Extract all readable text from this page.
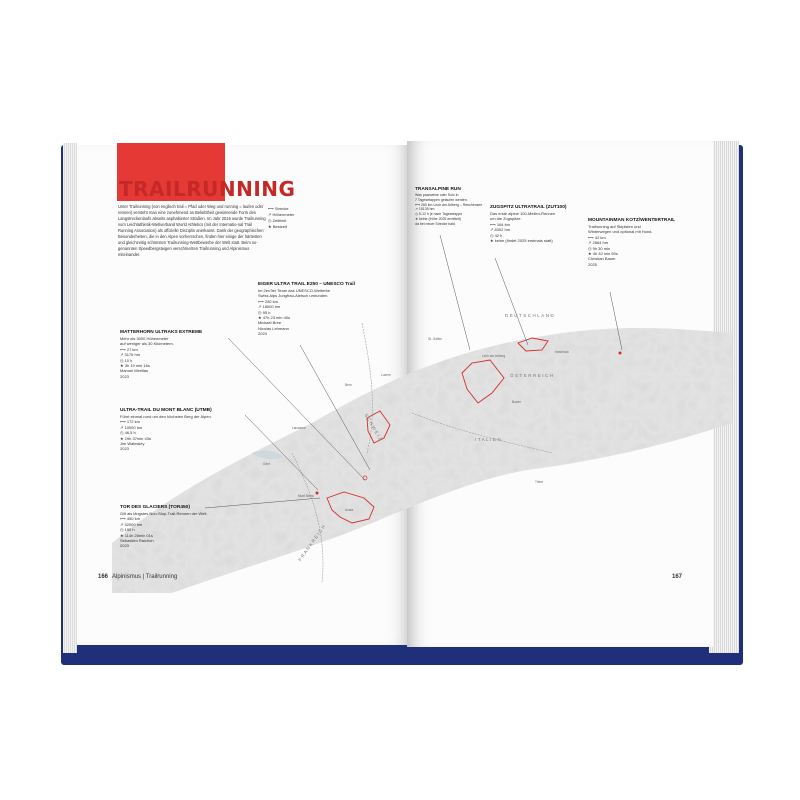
DEUTSCHLAND
ÖSTERREICH
SCHWEIZ	ITALIEN
FRANKREICH
Bern
Luzern
Lausanne
Genf
Mont Blanc
Aosta
Lech am Arlberg
Bozen
Trient
St. Gallen
Innsbruck
TRAILRUNNING
Unter Trailrunning (von englisch trail = Pfad oder Weg und running = laufen oder rennen) versteht man eine zunehmend an Beliebtheit gewinnende Form des Langstreckenlaufs abseits asphaltierter Straßen. Im Jahr 2015 wurde Trailrunning vom Leichtathletik-Weltverband World Athletics (mit der Internatio-nal Trail Running Association) als offizielle Disziplin anerkannt. Dank der geographischen Besonderheiten, die in den Alpen vorherrschen, finden hier einige der härtesten und gleichzeitig schönsten Trailrunning-Wettbewerbe der Welt statt. Beim so-genannten Speedbergsteigen verschmelzen Trailrunning und Alpinismus miteinander.
⟷ Strecke
↗ Höhenmeter
◷ Zeitlimit
★ Bestzeit
EIGER ULTRA TRAIL E250 – UNESCO Trail
Im 2er/3er Team das UNESCO-Welterbe
Swiss Alps Jungfrau-Aletsch umrunden.
⟷ 250 km
↗ 18000 hm
◷ 95 h
★ 47h 23 min 40s
Mickael Bree
Nicolas Lehmann
2024
MATTERHORN ULTRAKS EXTREME
Mehr als 3000 Höhenmeter
auf weniger als 30 Kilometern.
⟷ 27 km
↗ 3176 hm
◷ 10 h
★ 3h 19 min 16s
Manuel Merillas
2023
ULTRA-TRAIL DU MONT BLANC (UTMB)
Führt einmal rund um den höchsten Berg der Alpen.
⟷ 172 km
↗ 10000 hm
◷ 46,5 h
★ 19h 37min 43s
Jim Walmsley
2023
TOR DES GLACIERS (TOR450)
Gilt als längstes Non-Stop-Trail-Rennen der Welt.
⟷ 450 km
↗ 32000 hm
◷ 190 h
★ 114h 28min 01s
Sebastien Raichon
2023
TRANSALPINE RUN
Was paarweise oder Solo in
7 Tagesetappen gelaufen werden.
⟷ 260 km Lech am Arlberg – Reschensee
↗ 15135 hm
◷ 5-12 h je nach Tagesetappe
★ keine (frühe 2025 ermittelt)
da bei neuer Strecke bald
ZUGSPITZ ULTRATRAIL (ZUT100)
Das erste alpine 100-Meilen-Rennen
um die Zugspitze.
⟷ 164 km
↗ 8302 hm
◷ 42 h
★ keine (findet 2025 erstmals statt)
MOUNTAINMAN KOTZ/WENTERTRAIL
Trailrunning auf Skipisten und
Winterwegen und optional mit Hund.
⟷ 42 km
↗ 2664 hm
◷ 9h 30 min
★ 4h 32 min 50s
Christian Bauer
2025
166 Alpinismus | Trailrunning	167
